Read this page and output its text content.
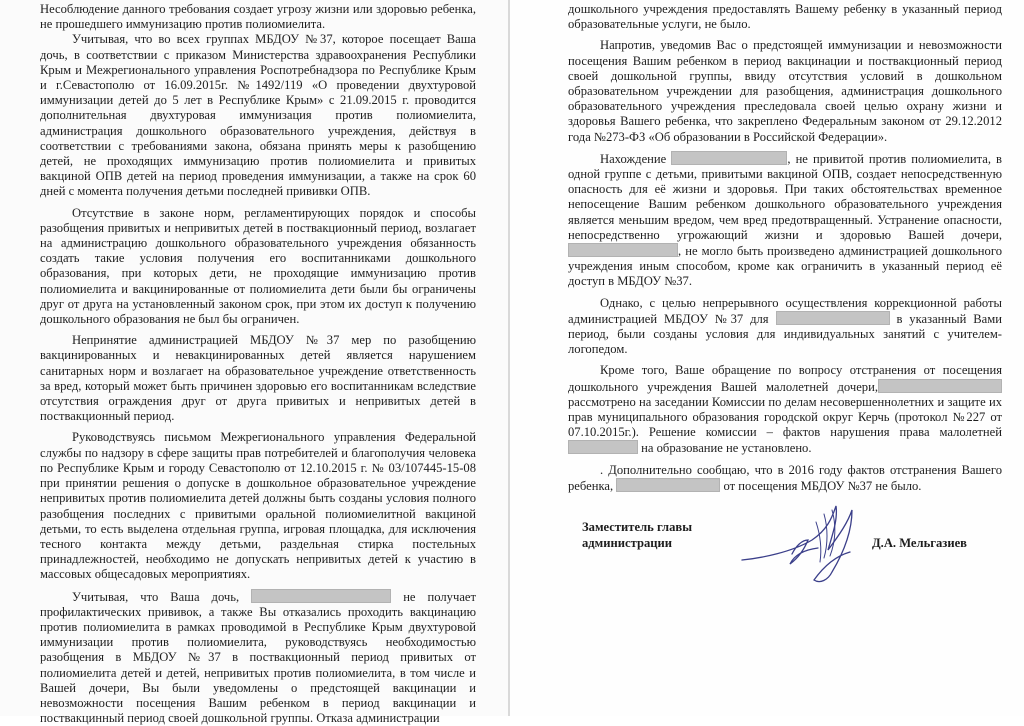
Несоблюдение данного требования создает угрозу жизни или здоровью ребенка, не прошедшего иммунизацию против полиомиелита.

Учитывая, что во всех группах МБДОУ №37, которое посещает Ваша дочь, в соответствии с приказом Министерства здравоохранения Республики Крым и Межрегионального управления Роспотребнадзора по Республике Крым и г.Севастополю от 16.09.2015г. №1492/119 «О проведении двухтуровой иммунизации детей до 5 лет в Республике Крым» с 21.09.2015 г. проводится дополнительная двухтуровая иммунизация против полиомиелита, администрация дошкольного образовательного учреждения, действуя в соответствии с требованиями закона, обязана принять меры к разобщению детей, не проходящих иммунизацию против полиомиелита и привитых вакциной ОПВ детей на период проведения иммунизации, а также на срок 60 дней с момента получения детьми последней прививки ОПВ.

Отсутствие в законе норм, регламентирующих порядок и способы разобщения привитых и непривитых детей в поствакционный период, возлагает на администрацию дошкольного образовательного учреждения обязанность создать такие условия получения его воспитанниками дошкольного образования, при которых дети, не проходящие иммунизацию против полиомиелита и вакцинированные от полиомиелита дети были бы ограничены друг от друга на установленный законом срок, при этом их доступ к получению дошкольного образования не был бы ограничен.

Непринятие администрацией МБДОУ №37 мер по разобщению вакцинированных и невакцинированных детей является нарушением санитарных норм и возлагает на образовательное учреждение ответственность за вред, который может быть причинен здоровью его воспитанникам вследствие отсутствия ограждения друг от друга привитых и непривитых детей в поствакционный период.

Руководствуясь письмом Межрегионального управления Федеральной службы по надзору в сфере защиты прав потребителей и благополучия человека по Республике Крым и городу Севастополю от 12.10.2015 г. № 03/107445-15-08 при принятии решения о допуске в дошкольное образовательное учреждение непривитых против полиомиелита детей должны быть созданы условия полного разобщения последних с привитыми оральной полиомиелитной вакциной детьми, то есть выделена отдельная группа, игровая площадка, для исключения тесного контакта между детьми, раздельная стирка постельных принадлежностей, необходимо не допускать непривитых детей к участию в массовых общесадовых мероприятиях.

Учитывая, что Ваша дочь,	не получает профилактических прививок, а также Вы отказались проходить вакцинацию против полиомиелита в рамках проводимой в Республике Крым двухтуровой иммунизации против полиомиелита, руководствуясь необходимостью разобщения в МБДОУ №37 в поствакционный период привитых от полиомиелита детей и детей, непривитых против полиомиелита, в том числе и Вашей дочери, Вы были уведомлены о предстоящей вакцинации и невозможности посещения Вашим ребенком в период вакцинации и поствакцинный период своей дошкольной группы. Отказа администрации

дошкольного учреждения предоставлять Вашему ребенку в указанный период образовательные услуги, не было.

Напротив, уведомив Вас о предстоящей иммунизации и невозможности посещения Вашим ребенком в период вакцинации и поствакционный период своей дошкольной группы, ввиду отсутствия условий в дошкольном образовательном учреждении для разобщения, администрация дошкольного образовательного учреждения преследовала своей целью охрану жизни и здоровья Вашего ребенка, что закреплено Федеральным законом от 29.12.2012 года №273-ФЗ «Об образовании в Российской Федерации».

Нахождение	, не привитой против полиомиелита, в одной группе с детьми, привитыми вакциной ОПВ, создает непосредственную опасность для её жизни и здоровья. При таких обстоятельствах временное непосещение Вашим ребенком дошкольного образовательного учреждения является меньшим вредом, чем вред предотвращенный. Устранение опасности, непосредственно угрожающий жизни и здоровью Вашей дочери, , не могло быть произведено администрацией дошкольного учреждения иным способом, кроме как ограничить в указанный период её доступ в МБДОУ №37.

Однако, с целью непрерывного осуществления коррекционной работы администрацией МБДОУ №37 для	в указанный Вами период, были созданы условия для индивидуальных занятий с учителем-логопедом.

Кроме того, Ваше обращение по вопросу отстранения от посещения дошкольного учреждения Вашей малолетней дочери, рассмотрено на заседании Комиссии по делам несовершеннолетних и защите их прав муниципального образования городской округ Керчь (протокол №227 от 07.10.2015г.). Решение комиссии – фактов нарушения права малолетней  на образование не установлено.

. Дополнительно сообщаю, что в 2016 году фактов отстранения Вашего ребенка,	от посещения МБДОУ №37 не было.

Заместитель главы
администрации	Д.А. Мельгазиев
